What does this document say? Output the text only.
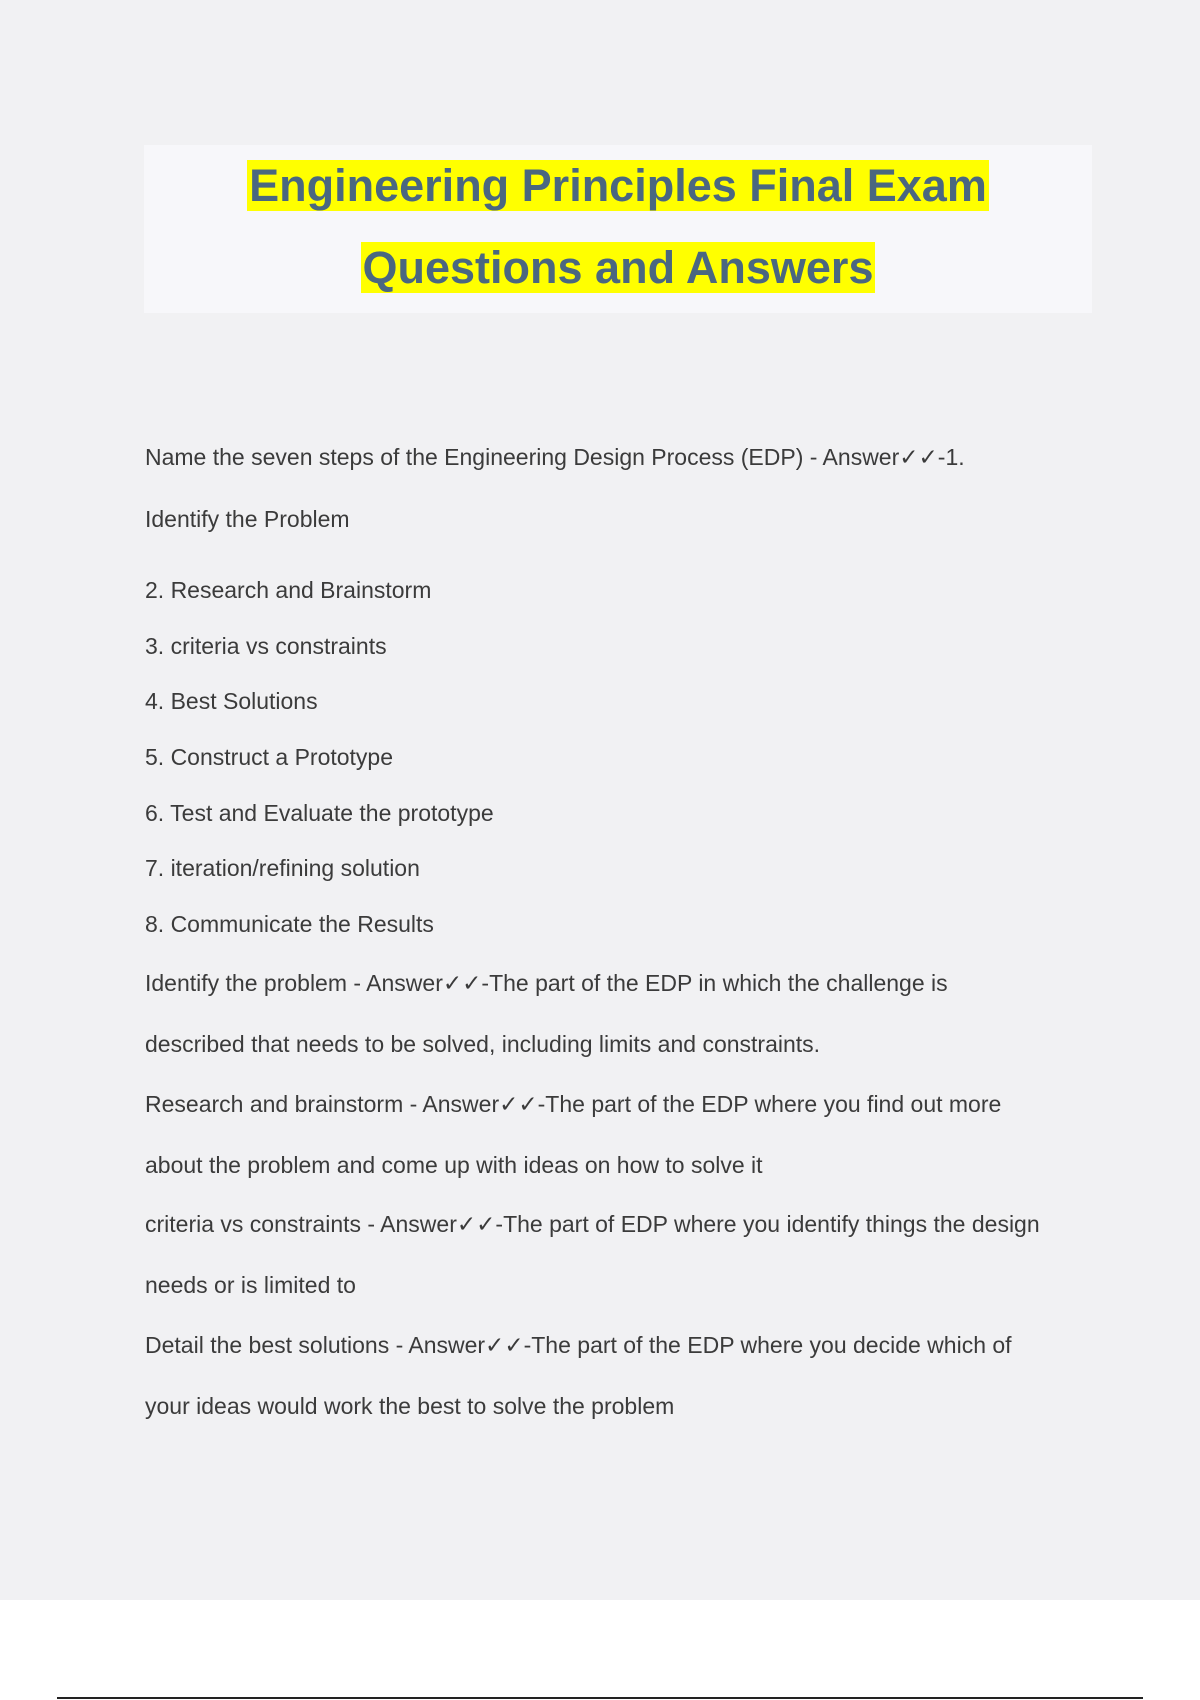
Engineering Principles Final Exam
Questions and Answers
Name the seven steps of the Engineering Design Process (EDP) - Answer✓✓-1.
Identify the Problem
2. Research and Brainstorm
3. criteria vs constraints
4. Best Solutions
5. Construct a Prototype
6. Test and Evaluate the prototype
7. iteration/refining solution
8. Communicate the Results
Identify the problem - Answer✓✓-The part of the EDP in which the challenge is
described that needs to be solved, including limits and constraints.
Research and brainstorm - Answer✓✓-The part of the EDP where you find out more
about the problem and come up with ideas on how to solve it
criteria vs constraints - Answer✓✓-The part of EDP where you identify things the design
needs or is limited to
Detail the best solutions - Answer✓✓-The part of the EDP where you decide which of
your ideas would work the best to solve the problem
